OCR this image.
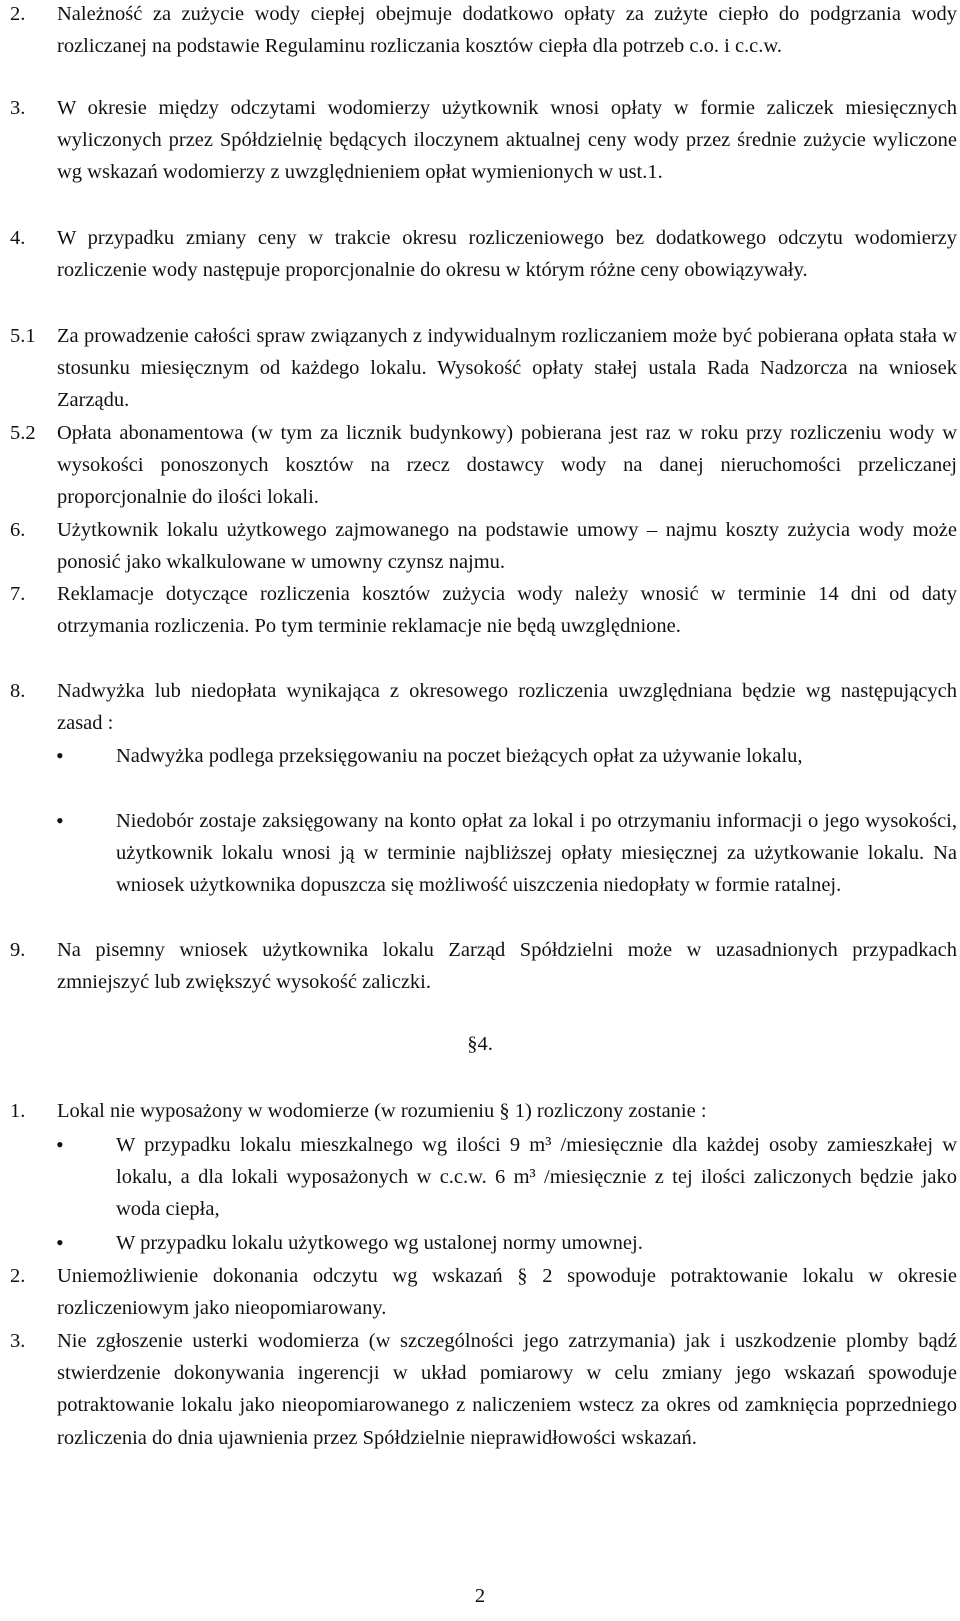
2.	Należność za zużycie wody ciepłej obejmuje dodatkowo opłaty za zużyte ciepło do podgrzania wody rozliczanej na podstawie Regulaminu rozliczania kosztów ciepła dla potrzeb c.o. i c.c.w.
3.	W okresie między odczytami wodomierzy użytkownik wnosi opłaty w formie zaliczek miesięcznych wyliczonych przez Spółdzielnię będących iloczynem aktualnej ceny wody przez średnie zużycie wyliczone wg wskazań wodomierzy z uwzględnieniem opłat wymienionych w ust.1.
4.	W przypadku zmiany ceny w trakcie okresu rozliczeniowego bez dodatkowego odczytu wodomierzy rozliczenie wody następuje proporcjonalnie do okresu w którym różne ceny obowiązywały.
5.1	Za prowadzenie całości spraw związanych z indywidualnym rozliczaniem może być pobierana opłata stała w stosunku miesięcznym od każdego lokalu. Wysokość opłaty stałej ustala Rada Nadzorcza na wniosek Zarządu.
5.2	Opłata abonamentowa (w tym za licznik budynkowy) pobierana jest raz w roku przy rozliczeniu wody w wysokości ponoszonych kosztów na rzecz dostawcy wody na danej nieruchomości przeliczanej proporcjonalnie do ilości lokali.
6.	Użytkownik lokalu użytkowego zajmowanego na podstawie umowy – najmu koszty zużycia wody może ponosić jako wkalkulowane w umowny czynsz najmu.
7.	Reklamacje dotyczące rozliczenia kosztów zużycia wody należy wnosić w terminie 14 dni od daty otrzymania rozliczenia. Po tym terminie reklamacje nie będą uwzględnione.
8.	Nadwyżka lub niedopłata wynikająca z okresowego rozliczenia uwzględniana będzie wg następujących zasad :
•	Nadwyżka podlega przeksięgowaniu na poczet bieżących opłat za używanie lokalu,
•	Niedobór zostaje zaksięgowany na konto opłat za lokal i po otrzymaniu informacji o jego wysokości, użytkownik lokalu wnosi ją w terminie najbliższej opłaty miesięcznej za użytkowanie lokalu. Na wniosek użytkownika dopuszcza się możliwość uiszczenia niedopłaty w formie ratalnej.
9.	Na pisemny wniosek użytkownika lokalu Zarząd Spółdzielni może w uzasadnionych przypadkach zmniejszyć lub zwiększyć wysokość zaliczki.
§4.
1.	Lokal nie wyposażony w wodomierze (w rozumieniu § 1) rozliczony zostanie :
•	W przypadku lokalu mieszkalnego wg ilości 9 m³ /miesięcznie dla każdej osoby zamieszkałej w lokalu, a dla lokali wyposażonych w c.c.w. 6 m³ /miesięcznie z tej ilości zaliczonych będzie jako woda ciepła,
•	W przypadku lokalu użytkowego wg ustalonej normy umownej.
2.	Uniemożliwienie dokonania odczytu wg wskazań § 2 spowoduje potraktowanie lokalu w okresie rozliczeniowym jako nieopomiarowany.
3.	Nie zgłoszenie usterki wodomierza (w szczególności jego zatrzymania) jak i uszkodzenie plomby bądź stwierdzenie dokonywania ingerencji w układ pomiarowy w celu zmiany jego wskazań spowoduje potraktowanie lokalu jako nieopomiarowanego z naliczeniem wstecz za okres od zamknięcia poprzedniego rozliczenia do dnia ujawnienia przez Spółdzielnie nieprawidłowości wskazań.
2
